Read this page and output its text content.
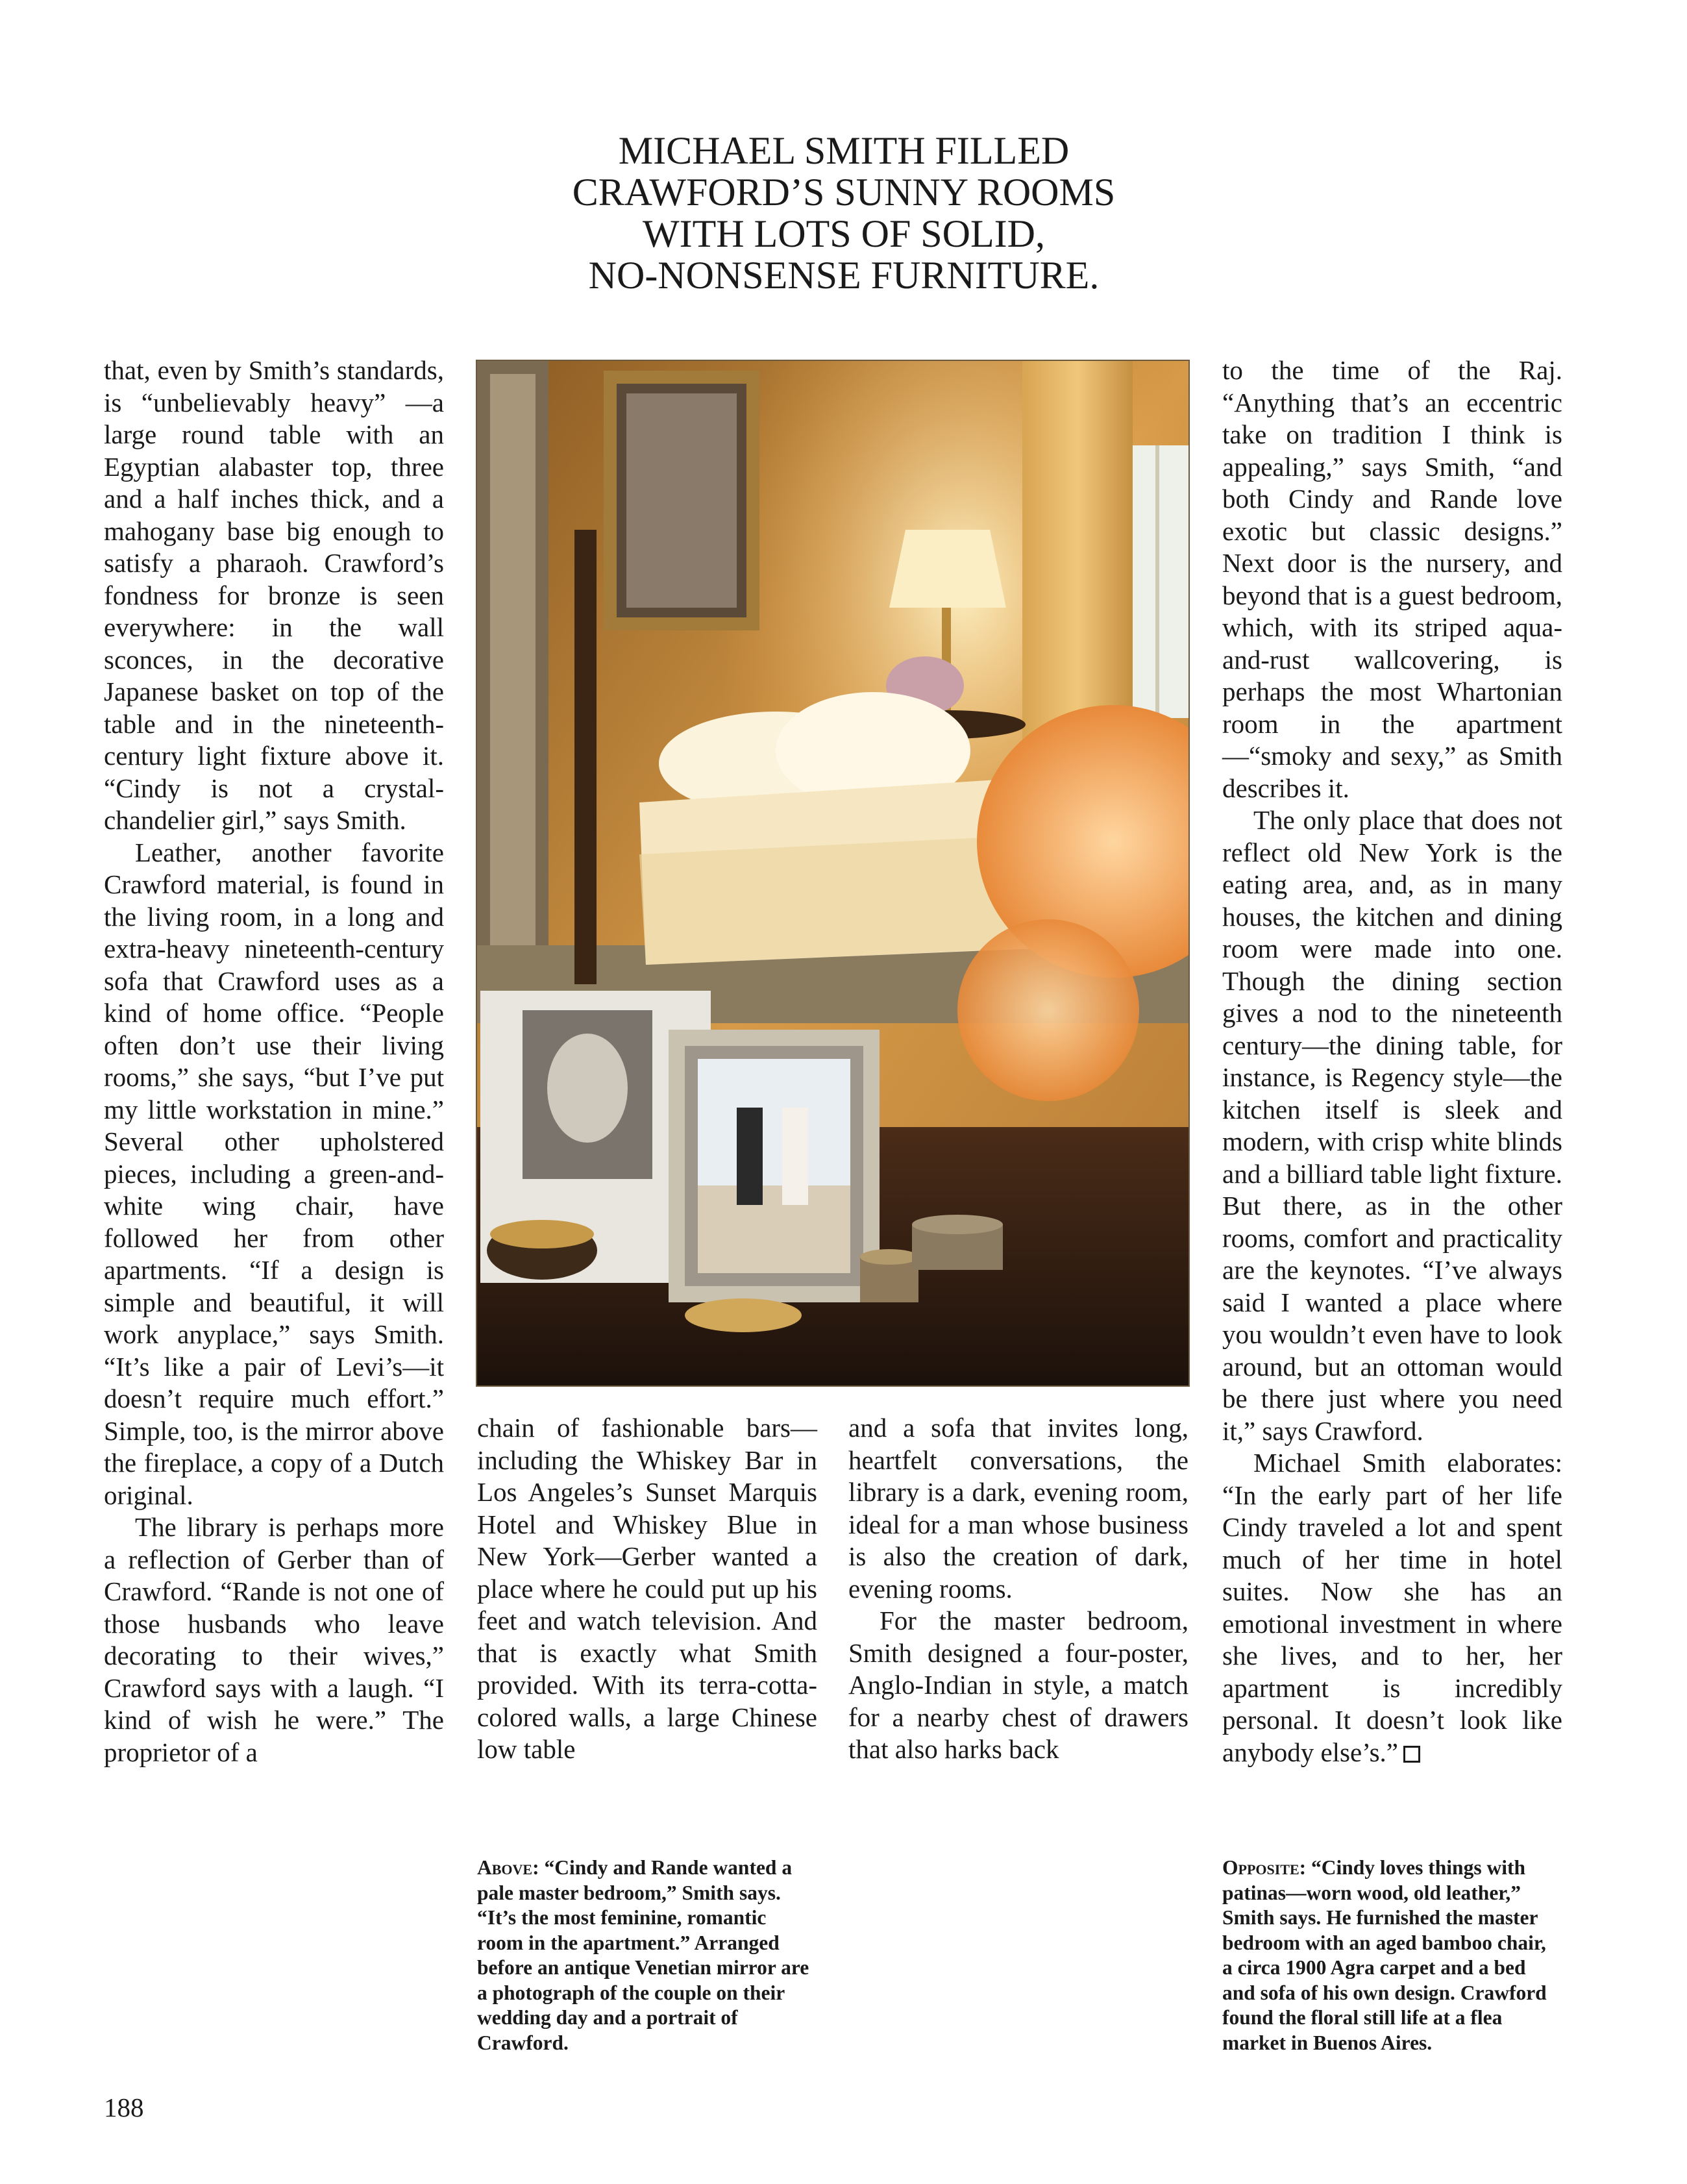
MICHAEL SMITH FILLED
CRAWFORD’S SUNNY ROOMS
WITH LOTS OF SOLID,
NO-NONSENSE FURNITURE.

that, even by Smith’s standards, is “unbelievably heavy” —a large round table with an Egyptian alabaster top, three and a half inches thick, and a mahogany base big enough to satisfy a pharaoh. Crawford’s fondness for bronze is seen everywhere: in the wall sconces, in the decorative Japanese basket on top of the table and in the nineteenth-century light fixture above it. “Cindy is not a crystal-chandelier girl,” says Smith.

Leather, another favorite Crawford material, is found in the living room, in a long and extra-heavy nineteenth-century sofa that Crawford uses as a kind of home office. “People often don’t use their living rooms,” she says, “but I’ve put my little workstation in mine.” Several other upholstered pieces, including a green-and-white wing chair, have followed her from other apartments. “If a design is simple and beautiful, it will work anyplace,” says Smith. “It’s like a pair of Levi’s—it doesn’t require much effort.” Simple, too, is the mirror above the fireplace, a copy of a Dutch original.

The library is perhaps more a reflection of Gerber than of Crawford. “Rande is not one of those husbands who leave decorating to their wives,” Crawford says with a laugh. “I kind of wish he were.” The proprietor of a

chain of fashionable bars—including the Whiskey Bar in Los Angeles’s Sunset Marquis Hotel and Whiskey Blue in New York—Gerber wanted a place where he could put up his feet and watch television. And that is exactly what Smith provided. With its terra-cotta-colored walls, a large Chinese low table

and a sofa that invites long, heartfelt conversations, the library is a dark, evening room, ideal for a man whose business is also the creation of dark, evening rooms.

For the master bedroom, Smith designed a four-poster, Anglo-Indian in style, a match for a nearby chest of drawers that also harks back

to the time of the Raj. “Anything that’s an eccentric take on tradition I think is appealing,” says Smith, “and both Cindy and Rande love exotic but classic designs.” Next door is the nursery, and beyond that is a guest bedroom, which, with its striped aqua-and-rust wallcovering, is perhaps the most Whartonian room in the apartment—“smoky and sexy,” as Smith describes it.

The only place that does not reflect old New York is the eating area, and, as in many houses, the kitchen and dining room were made into one. Though the dining section gives a nod to the nineteenth century—the dining table, for instance, is Regency style—the kitchen itself is sleek and modern, with crisp white blinds and a billiard table light fixture. But there, as in the other rooms, comfort and practicality are the keynotes. “I’ve always said I wanted a place where you wouldn’t even have to look around, but an ottoman would be there just where you need it,” says Crawford.

Michael Smith elaborates: “In the early part of her life Cindy traveled a lot and spent much of her time in hotel suites. Now she has an emotional investment in where she lives, and to her, her apartment is incredibly personal. It doesn’t look like anybody else’s.”

Above: “Cindy and Rande wanted a pale master bedroom,” Smith says. “It’s the most feminine, romantic room in the apartment.” Arranged before an antique Venetian mirror are a photograph of the couple on their wedding day and a portrait of Crawford.
Opposite: “Cindy loves things with patinas—worn wood, old leather,” Smith says. He furnished the master bedroom with an aged bamboo chair, a circa 1900 Agra carpet and a bed and sofa of his own design. Crawford found the floral still life at a flea market in Buenos Aires.
188
